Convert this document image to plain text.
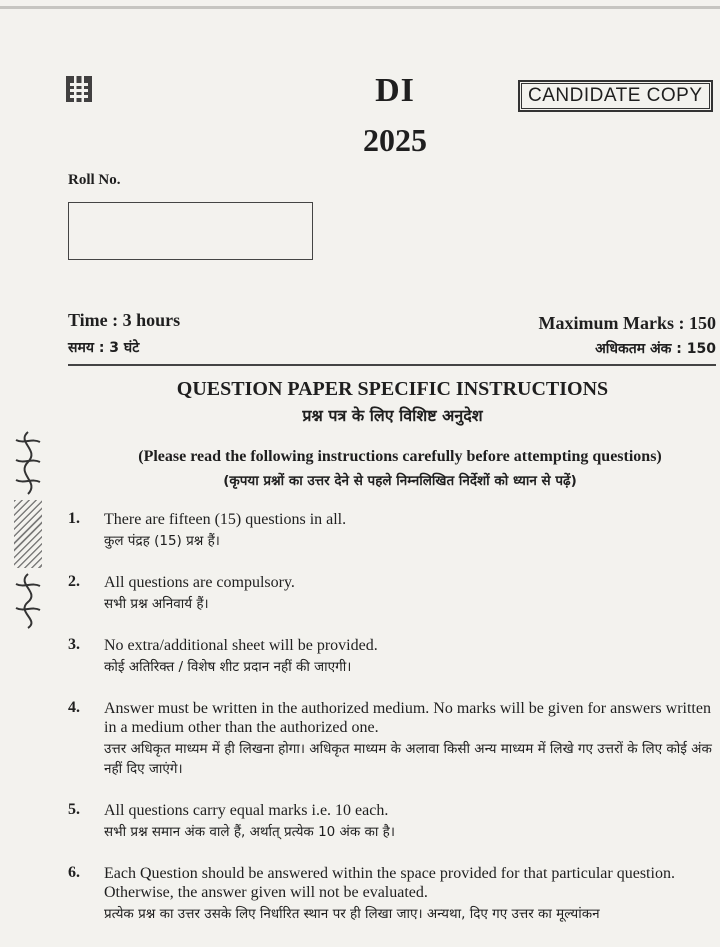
DI
2025
CANDIDATE COPY
Roll No.
Time : 3 hours
समय : 3 घंटे
Maximum Marks : 150
अधिकतम अंक : 150
QUESTION PAPER SPECIFIC INSTRUCTIONS
प्रश्न पत्र के लिए विशिष्ट अनुदेश
(Please read the following instructions carefully before attempting questions)
(कृपया प्रश्नों का उत्तर देने से पहले निम्नलिखित निर्देशों को ध्यान से पढ़ें)
1. There are fifteen (15) questions in all.
कुल पंद्रह (15) प्रश्न हैं।
2. All questions are compulsory.
सभी प्रश्न अनिवार्य हैं।
3. No extra/additional sheet will be provided.
कोई अतिरिक्त / विशेष शीट प्रदान नहीं की जाएगी।
4. Answer must be written in the authorized medium. No marks will be given for answers written in a medium other than the authorized one.
उत्तर अधिकृत माध्यम में ही लिखना होगा। अधिकृत माध्यम के अलावा किसी अन्य माध्यम में लिखे गए उत्तरों के लिए कोई अंक नहीं दिए जाएंगे।
5. All questions carry equal marks i.e. 10 each.
सभी प्रश्न समान अंक वाले हैं, अर्थात् प्रत्येक 10 अंक का है।
6. Each Question should be answered within the space provided for that particular question. Otherwise, the answer given will not be evaluated.
प्रत्येक प्रश्न का उत्तर उसके लिए निर्धारित स्थान पर ही लिखा जाए। अन्यथा, दिए गए उत्तर का मूल्यांकन
